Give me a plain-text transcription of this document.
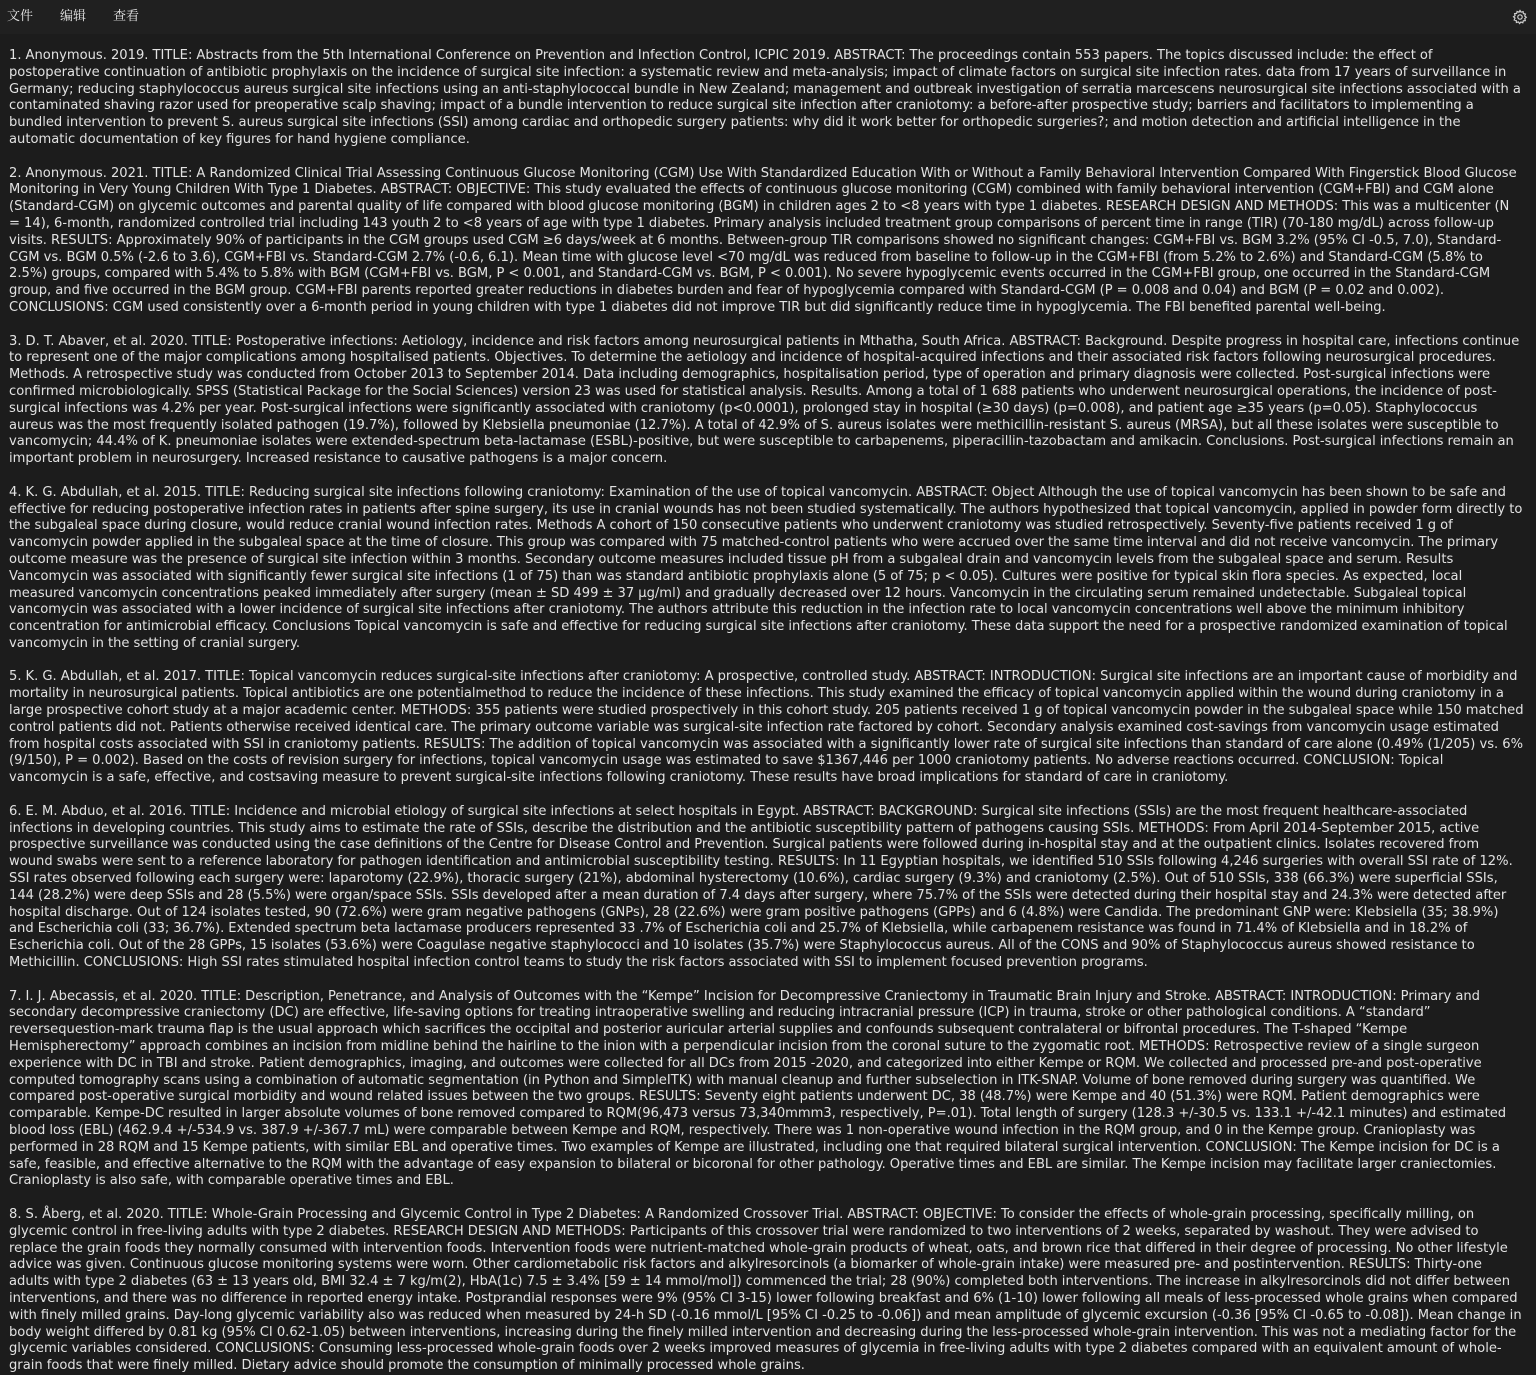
文件 编辑 查看

1. Anonymous. 2019. TITLE: Abstracts from the 5th International Conference on Prevention and Infection Control, ICPIC 2019. ABSTRACT: The proceedings contain 553 papers. The topics discussed include: the effect of postoperative continuation of antibiotic prophylaxis on the incidence of surgical site infection: a systematic review and meta-analysis; impact of climate factors on surgical site infection rates. data from 17 years of surveillance in Germany; reducing staphylococcus aureus surgical site infections using an anti-staphylococcal bundle in New Zealand; management and outbreak investigation of serratia marcescens neurosurgical site infections associated with a contaminated shaving razor used for preoperative scalp shaving; impact of a bundle intervention to reduce surgical site infection after craniotomy: a before-after prospective study; barriers and facilitators to implementing a bundled intervention to prevent S. aureus surgical site infections (SSI) among cardiac and orthopedic surgery patients: why did it work better for orthopedic surgeries?; and motion detection and artificial intelligence in the automatic documentation of key figures for hand hygiene compliance.

2. Anonymous. 2021. TITLE: A Randomized Clinical Trial Assessing Continuous Glucose Monitoring (CGM) Use With Standardized Education With or Without a Family Behavioral Intervention Compared With Fingerstick Blood Glucose Monitoring in Very Young Children With Type 1 Diabetes. ABSTRACT: OBJECTIVE: This study evaluated the effects of continuous glucose monitoring (CGM) combined with family behavioral intervention (CGM+FBI) and CGM alone (Standard-CGM) on glycemic outcomes and parental quality of life compared with blood glucose monitoring (BGM) in children ages 2 to <8 years with type 1 diabetes. RESEARCH DESIGN AND METHODS: This was a multicenter (N = 14), 6-month, randomized controlled trial including 143 youth 2 to <8 years of age with type 1 diabetes. Primary analysis included treatment group comparisons of percent time in range (TIR) (70-180 mg/dL) across follow-up visits. RESULTS: Approximately 90% of participants in the CGM groups used CGM ≥6 days/week at 6 months. Between-group TIR comparisons showed no significant changes: CGM+FBI vs. BGM 3.2% (95% CI -0.5, 7.0), Standard-CGM vs. BGM 0.5% (-2.6 to 3.6), CGM+FBI vs. Standard-CGM 2.7% (-0.6, 6.1). Mean time with glucose level <70 mg/dL was reduced from baseline to follow-up in the CGM+FBI (from 5.2% to 2.6%) and Standard-CGM (5.8% to 2.5%) groups, compared with 5.4% to 5.8% with BGM (CGM+FBI vs. BGM, P < 0.001, and Standard-CGM vs. BGM, P < 0.001). No severe hypoglycemic events occurred in the CGM+FBI group, one occurred in the Standard-CGM group, and five occurred in the BGM group. CGM+FBI parents reported greater reductions in diabetes burden and fear of hypoglycemia compared with Standard-CGM (P = 0.008 and 0.04) and BGM (P = 0.02 and 0.002). CONCLUSIONS: CGM used consistently over a 6-month period in young children with type 1 diabetes did not improve TIR but did significantly reduce time in hypoglycemia. The FBI benefited parental well-being.

3. D. T. Abaver, et al. 2020. TITLE: Postoperative infections: Aetiology, incidence and risk factors among neurosurgical patients in Mthatha, South Africa. ABSTRACT: Background. Despite progress in hospital care, infections continue to represent one of the major complications among hospitalised patients. Objectives. To determine the aetiology and incidence of hospital-acquired infections and their associated risk factors following neurosurgical procedures. Methods. A retrospective study was conducted from October 2013 to September 2014. Data including demographics, hospitalisation period, type of operation and primary diagnosis were collected. Post-surgical infections were confirmed microbiologically. SPSS (Statistical Package for the Social Sciences) version 23 was used for statistical analysis. Results. Among a total of 1 688 patients who underwent neurosurgical operations, the incidence of post-surgical infections was 4.2% per year. Post-surgical infections were significantly associated with craniotomy (p<0.0001), prolonged stay in hospital (≥30 days) (p=0.008), and patient age ≥35 years (p=0.05). Staphylococcus aureus was the most frequently isolated pathogen (19.7%), followed by Klebsiella pneumoniae (12.7%). A total of 42.9% of S. aureus isolates were methicillin-resistant S. aureus (MRSA), but all these isolates were susceptible to vancomycin; 44.4% of K. pneumoniae isolates were extended-spectrum beta-lactamase (ESBL)-positive, but were susceptible to carbapenems, piperacillin-tazobactam and amikacin. Conclusions. Post-surgical infections remain an important problem in neurosurgery. Increased resistance to causative pathogens is a major concern.

4. K. G. Abdullah, et al. 2015. TITLE: Reducing surgical site infections following craniotomy: Examination of the use of topical vancomycin. ABSTRACT: Object Although the use of topical vancomycin has been shown to be safe and effective for reducing postoperative infection rates in patients after spine surgery, its use in cranial wounds has not been studied systematically. The authors hypothesized that topical vancomycin, applied in powder form directly to the subgaleal space during closure, would reduce cranial wound infection rates. Methods A cohort of 150 consecutive patients who underwent craniotomy was studied retrospectively. Seventy-five patients received 1 g of vancomycin powder applied in the subgaleal space at the time of closure. This group was compared with 75 matched-control patients who were accrued over the same time interval and did not receive vancomycin. The primary outcome measure was the presence of surgical site infection within 3 months. Secondary outcome measures included tissue pH from a subgaleal drain and vancomycin levels from the subgaleal space and serum. Results Vancomycin was associated with significantly fewer surgical site infections (1 of 75) than was standard antibiotic prophylaxis alone (5 of 75; p < 0.05). Cultures were positive for typical skin flora species. As expected, local measured vancomycin concentrations peaked immediately after surgery (mean ± SD 499 ± 37 μg/ml) and gradually decreased over 12 hours. Vancomycin in the circulating serum remained undetectable. Subgaleal topical vancomycin was associated with a lower incidence of surgical site infections after craniotomy. The authors attribute this reduction in the infection rate to local vancomycin concentrations well above the minimum inhibitory concentration for antimicrobial efficacy. Conclusions Topical vancomycin is safe and effective for reducing surgical site infections after craniotomy. These data support the need for a prospective randomized examination of topical vancomycin in the setting of cranial surgery.

5. K. G. Abdullah, et al. 2017. TITLE: Topical vancomycin reduces surgical-site infections after craniotomy: A prospective, controlled study. ABSTRACT: INTRODUCTION: Surgical site infections are an important cause of morbidity and mortality in neurosurgical patients. Topical antibiotics are one potentialmethod to reduce the incidence of these infections. This study examined the efficacy of topical vancomycin applied within the wound during craniotomy in a large prospective cohort study at a major academic center. METHODS: 355 patients were studied prospectively in this cohort study. 205 patients received 1 g of topical vancomycin powder in the subgaleal space while 150 matched control patients did not. Patients otherwise received identical care. The primary outcome variable was surgical-site infection rate factored by cohort. Secondary analysis examined cost-savings from vancomycin usage estimated from hospital costs associated with SSI in craniotomy patients. RESULTS: The addition of topical vancomycin was associated with a significantly lower rate of surgical site infections than standard of care alone (0.49% (1/205) vs. 6% (9/150), P = 0.002). Based on the costs of revision surgery for infections, topical vancomycin usage was estimated to save $1367,446 per 1000 craniotomy patients. No adverse reactions occurred. CONCLUSION: Topical vancomycin is a safe, effective, and costsaving measure to prevent surgical-site infections following craniotomy. These results have broad implications for standard of care in craniotomy.

6. E. M. Abduo, et al. 2016. TITLE: Incidence and microbial etiology of surgical site infections at select hospitals in Egypt. ABSTRACT: BACKGROUND: Surgical site infections (SSIs) are the most frequent healthcare-associated infections in developing countries. This study aims to estimate the rate of SSIs, describe the distribution and the antibiotic susceptibility pattern of pathogens causing SSIs. METHODS: From April 2014-September 2015, active prospective surveillance was conducted using the case definitions of the Centre for Disease Control and Prevention. Surgical patients were followed during in-hospital stay and at the outpatient clinics. Isolates recovered from wound swabs were sent to a reference laboratory for pathogen identification and antimicrobial susceptibility testing. RESULTS: In 11 Egyptian hospitals, we identified 510 SSIs following 4,246 surgeries with overall SSI rate of 12%. SSI rates observed following each surgery were: laparotomy (22.9%), thoracic surgery (21%), abdominal hysterectomy (10.6%), cardiac surgery (9.3%) and craniotomy (2.5%). Out of 510 SSIs, 338 (66.3%) were superficial SSIs, 144 (28.2%) were deep SSIs and 28 (5.5%) were organ/space SSIs. SSIs developed after a mean duration of 7.4 days after surgery, where 75.7% of the SSIs were detected during their hospital stay and 24.3% were detected after hospital discharge. Out of 124 isolates tested, 90 (72.6%) were gram negative pathogens (GNPs), 28 (22.6%) were gram positive pathogens (GPPs) and 6 (4.8%) were Candida. The predominant GNP were: Klebsiella (35; 38.9%) and Escherichia coli (33; 36.7%). Extended spectrum beta lactamase producers represented 33 .7% of Escherichia coli and 25.7% of Klebsiella, while carbapenem resistance was found in 71.4% of Klebsiella and in 18.2% of Escherichia coli. Out of the 28 GPPs, 15 isolates (53.6%) were Coagulase negative staphylococci and 10 isolates (35.7%) were Staphylococcus aureus. All of the CONS and 90% of Staphylococcus aureus showed resistance to Methicillin. CONCLUSIONS: High SSI rates stimulated hospital infection control teams to study the risk factors associated with SSI to implement focused prevention programs.

7. I. J. Abecassis, et al. 2020. TITLE: Description, Penetrance, and Analysis of Outcomes with the “Kempe” Incision for Decompressive Craniectomy in Traumatic Brain Injury and Stroke. ABSTRACT: INTRODUCTION: Primary and secondary decompressive craniectomy (DC) are effective, life-saving options for treating intraoperative swelling and reducing intracranial pressure (ICP) in trauma, stroke or other pathological conditions. A “standard” reversequestion-mark trauma flap is the usual approach which sacrifices the occipital and posterior auricular arterial supplies and confounds subsequent contralateral or bifrontal procedures. The T-shaped “Kempe Hemispherectomy” approach combines an incision from midline behind the hairline to the inion with a perpendicular incision from the coronal suture to the zygomatic root. METHODS: Retrospective review of a single surgeon experience with DC in TBI and stroke. Patient demographics, imaging, and outcomes were collected for all DCs from 2015 -2020, and categorized into either Kempe or RQM. We collected and processed pre-and post-operative computed tomography scans using a combination of automatic segmentation (in Python and SimpleITK) with manual cleanup and further subselection in ITK-SNAP. Volume of bone removed during surgery was quantified. We compared post-operative surgical morbidity and wound related issues between the two groups. RESULTS: Seventy eight patients underwent DC, 38 (48.7%) were Kempe and 40 (51.3%) were RQM. Patient demographics were comparable. Kempe-DC resulted in larger absolute volumes of bone removed compared to RQM(96,473 versus 73,340mmm3, respectively, P=.01). Total length of surgery (128.3 +/-30.5 vs. 133.1 +/-42.1 minutes) and estimated blood loss (EBL) (462.9.4 +/-534.9 vs. 387.9 +/-367.7 mL) were comparable between Kempe and RQM, respectively. There was 1 non-operative wound infection in the RQM group, and 0 in the Kempe group. Cranioplasty was performed in 28 RQM and 15 Kempe patients, with similar EBL and operative times. Two examples of Kempe are illustrated, including one that required bilateral surgical intervention. CONCLUSION: The Kempe incision for DC is a safe, feasible, and effective alternative to the RQM with the advantage of easy expansion to bilateral or bicoronal for other pathology. Operative times and EBL are similar. The Kempe incision may facilitate larger craniectomies. Cranioplasty is also safe, with comparable operative times and EBL.

8. S. Åberg, et al. 2020. TITLE: Whole-Grain Processing and Glycemic Control in Type 2 Diabetes: A Randomized Crossover Trial. ABSTRACT: OBJECTIVE: To consider the effects of whole-grain processing, specifically milling, on glycemic control in free-living adults with type 2 diabetes. RESEARCH DESIGN AND METHODS: Participants of this crossover trial were randomized to two interventions of 2 weeks, separated by washout. They were advised to replace the grain foods they normally consumed with intervention foods. Intervention foods were nutrient-matched whole-grain products of wheat, oats, and brown rice that differed in their degree of processing. No other lifestyle advice was given. Continuous glucose monitoring systems were worn. Other cardiometabolic risk factors and alkylresorcinols (a biomarker of whole-grain intake) were measured pre- and postintervention. RESULTS: Thirty-one adults with type 2 diabetes (63 ± 13 years old, BMI 32.4 ± 7 kg/m(2), HbA(1c) 7.5 ± 3.4% [59 ± 14 mmol/mol]) commenced the trial; 28 (90%) completed both interventions. The increase in alkylresorcinols did not differ between interventions, and there was no difference in reported energy intake. Postprandial responses were 9% (95% CI 3-15) lower following breakfast and 6% (1-10) lower following all meals of less-processed whole grains when compared with finely milled grains. Day-long glycemic variability also was reduced when measured by 24-h SD (-0.16 mmol/L [95% CI -0.25 to -0.06]) and mean amplitude of glycemic excursion (-0.36 [95% CI -0.65 to -0.08]). Mean change in body weight differed by 0.81 kg (95% CI 0.62-1.05) between interventions, increasing during the finely milled intervention and decreasing during the less-processed whole-grain intervention. This was not a mediating factor for the glycemic variables considered. CONCLUSIONS: Consuming less-processed whole-grain foods over 2 weeks improved measures of glycemia in free-living adults with type 2 diabetes compared with an equivalent amount of whole-grain foods that were finely milled. Dietary advice should promote the consumption of minimally processed whole grains.
